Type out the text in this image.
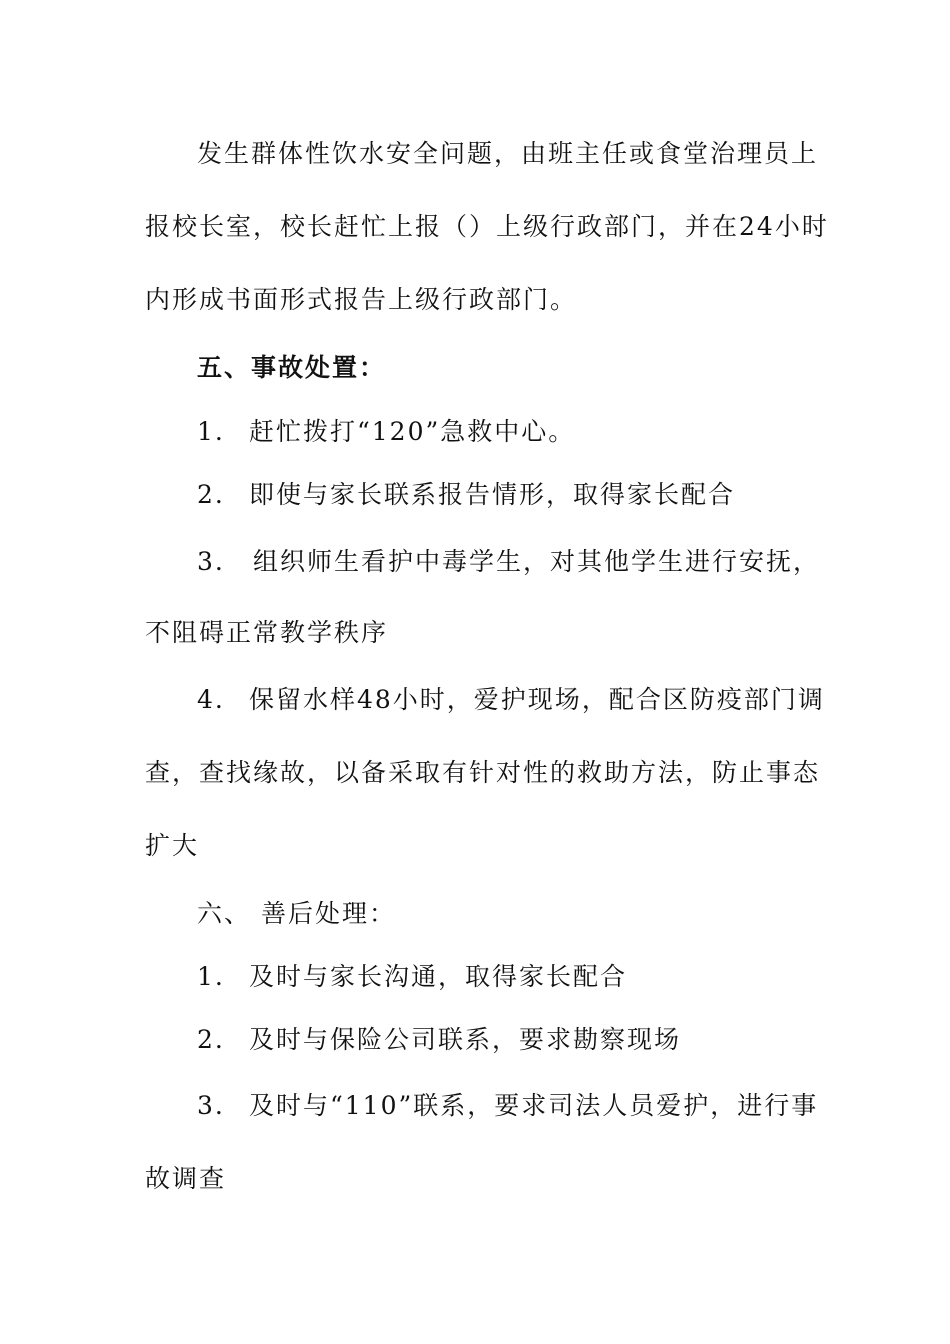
发生群体性饮水安全问题，由班主任或食堂治理员上
报校长室，校长赶忙上报（）上级行政部门，并在24小时
内形成书面形式报告上级行政部门。
五、事故处置：
1. 赶忙拨打“120”急救中心。
2. 即使与家长联系报告情形，取得家长配合
3. 组织师生看护中毒学生，对其他学生进行安抚，
不阻碍正常教学秩序
4. 保留水样48小时，爱护现场，配合区防疫部门调
查，查找缘故，以备采取有针对性的救助方法，防止事态
扩大
六、 善后处理：
1. 及时与家长沟通，取得家长配合
2. 及时与保险公司联系，要求勘察现场
3. 及时与“110”联系，要求司法人员爱护，进行事
故调查
